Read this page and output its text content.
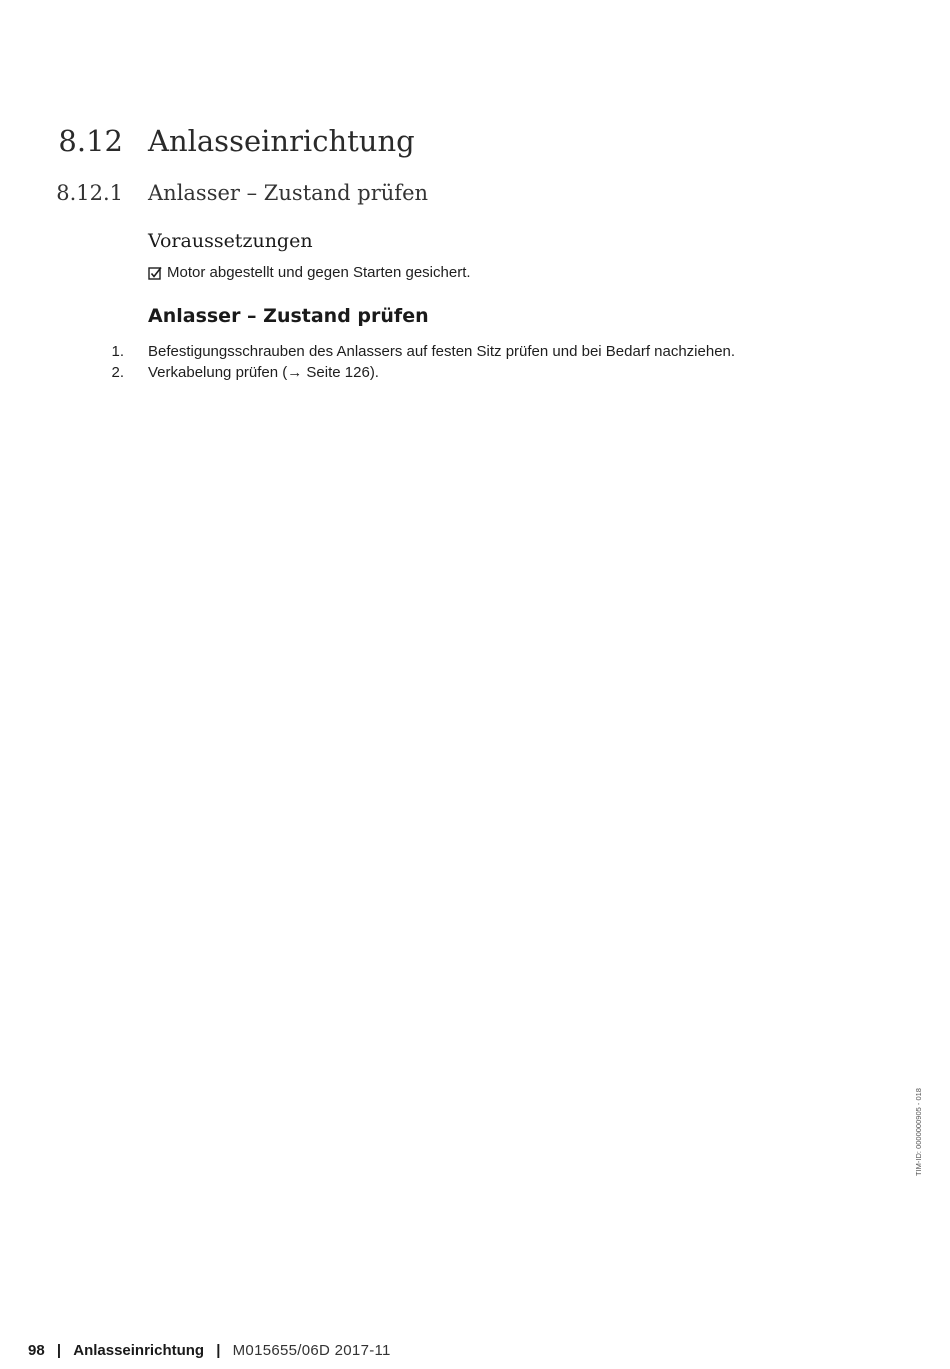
8.12 Anlasseinrichtung
8.12.1 Anlasser – Zustand prüfen
Voraussetzungen
Motor abgestellt und gegen Starten gesichert.
Anlasser – Zustand prüfen
1. Befestigungsschrauben des Anlassers auf festen Sitz prüfen und bei Bedarf nachziehen.
2. Verkabelung prüfen (→ Seite 126).
TIM-ID: 0000000905 - 018
98 | Anlasseinrichtung | M015655/06D 2017-11
